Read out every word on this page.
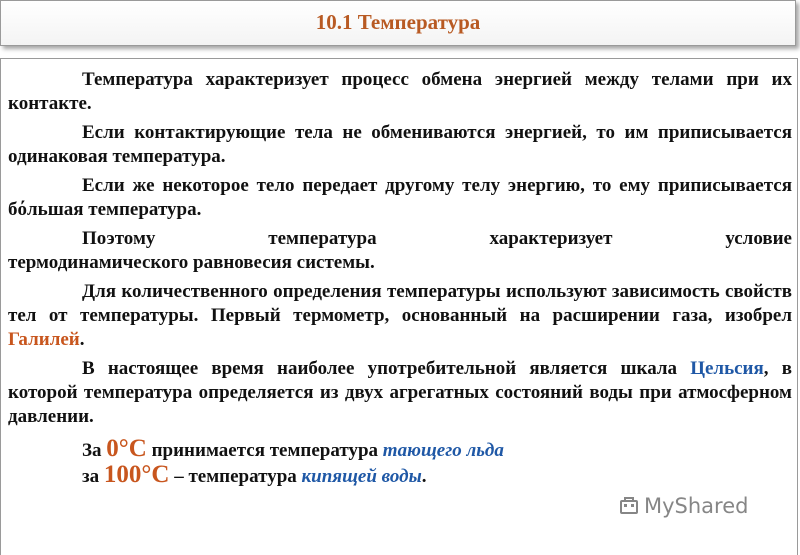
10.1 Температура

Температура характеризует процесс обмена энергией между телами при их контакте.

Если контактирующие тела не обмениваются энергией, то им приписывается одинаковая температура.

Если же некоторое тело передает другому телу энергию, то ему приписывается бόльшая температура.

Поэтому температура характеризует условие

термодинамического равновесия системы.

Для количественного определения температуры используют зависимость свойств тел от температуры. Первый термометр, основанный на расширении газа, изобрел Галилей.

В настоящее время наиболее употребительной является шкала Цельсия, в которой температура определяется из двух агрегатных состояний воды при атмосферном давлении.

За 0°С принимается температура тающего льда

за 100°С – температура кипящей воды.

MyShared
